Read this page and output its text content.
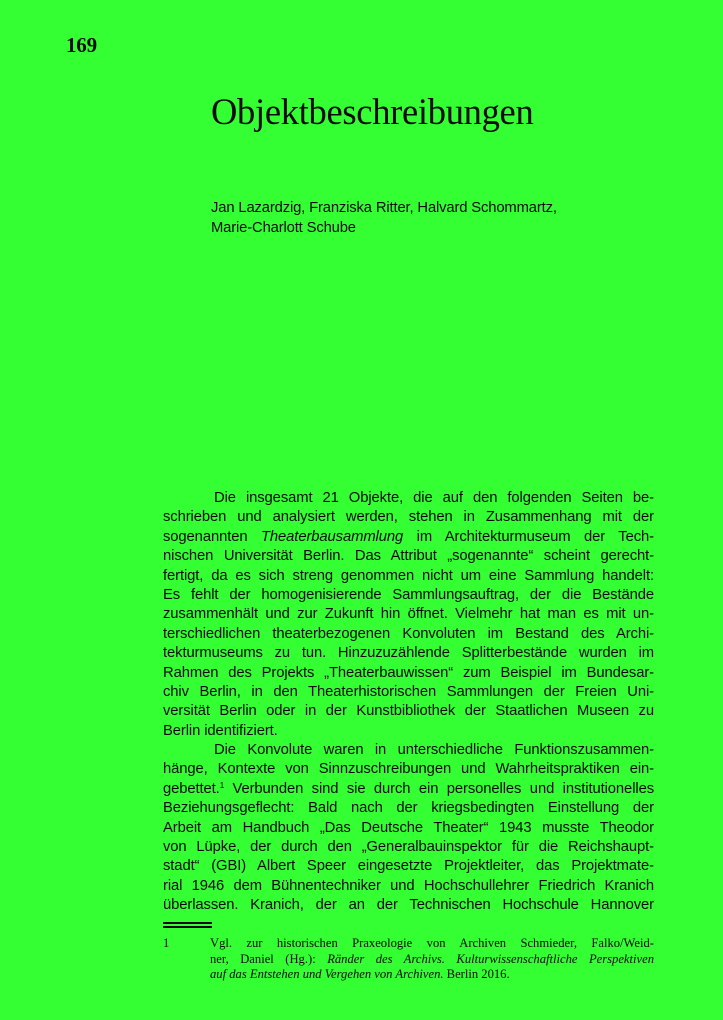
169
Objektbeschreibungen
Jan Lazardzig, Franziska Ritter, Halvard Schommartz,
Marie-Charlott Schube
Die insgesamt 21 Objekte, die auf den folgenden Seiten be-
schrieben und analysiert werden, stehen in Zusammenhang mit der
sogenannten Theaterbausammlung im Architekturmuseum der Tech-
nischen Universität Berlin. Das Attribut „sogenannte“ scheint gerecht-
fertigt, da es sich streng genommen nicht um eine Sammlung handelt:
Es fehlt der homogenisierende Sammlungsauftrag, der die Bestände
zusammenhält und zur Zukunft hin öffnet. Vielmehr hat man es mit un-
terschiedlichen theaterbezogenen Konvoluten im Bestand des Archi-
tekturmuseums zu tun. Hinzuzuzählende Splitterbestände wurden im
Rahmen des Projekts „Theaterbauwissen“ zum Beispiel im Bundesar-
chiv Berlin, in den Theaterhistorischen Sammlungen der Freien Uni-
versität Berlin oder in der Kunstbibliothek der Staatlichen Museen zu
Berlin identifiziert.
Die Konvolute waren in unterschiedliche Funktionszusammen-
hänge, Kontexte von Sinnzuschreibungen und Wahrheitspraktiken ein-
gebettet.$^1$ Verbunden sind sie durch ein personelles und institutionelles
Beziehungsgeflecht: Bald nach der kriegsbedingten Einstellung der
Arbeit am Handbuch „Das Deutsche Theater“ 1943 musste Theodor
von Lüpke, der durch den „Generalbauinspektor für die Reichshaupt-
stadt“ (GBI) Albert Speer eingesetzte Projektleiter, das Projektmate-
rial 1946 dem Bühnentechniker und Hochschullehrer Friedrich Kranich
überlassen. Kranich, der an der Technischen Hochschule Hannover
1	Vgl. zur historischen Praxeologie von Archiven Schmieder, Falko/Weid-
ner, Daniel (Hg.): Ränder des Archivs. Kulturwissenschaftliche Perspektiven
auf das Entstehen und Vergehen von Archiven. Berlin 2016.
